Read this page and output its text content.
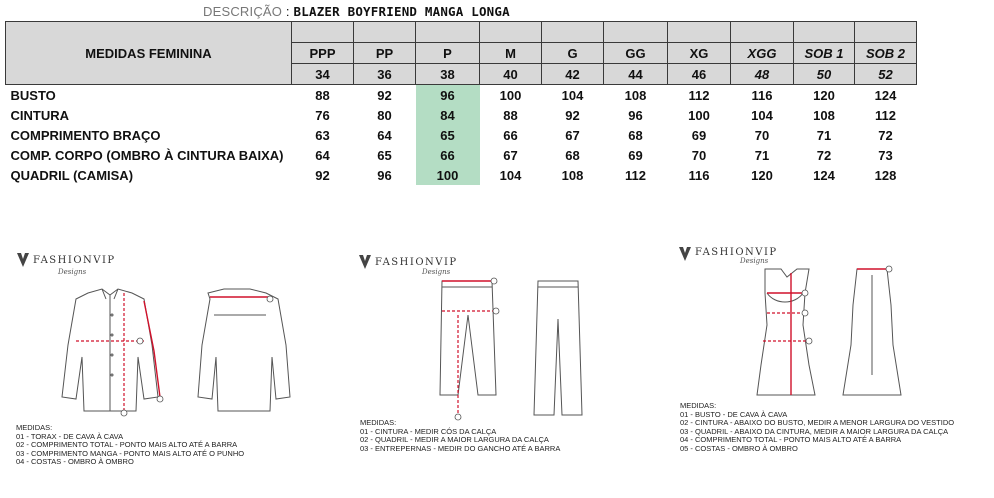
DESCRIÇÃO : BLAZER BOYFRIEND MANGA LONGA
MEDIDAS FEMININA										
	PPP	PP	P	M	G	GG	XG	XGG	SOB 1	SOB 2
	34	36	38	40	42	44	46	48	50	52
BUSTO	88	92	96	100	104	108	112	116	120	124
CINTURA	76	80	84	88	92	96	100	104	108	112
COMPRIMENTO BRAÇO	63	64	65	66	67	68	69	70	71	72
COMP. CORPO (OMBRO À CINTURA BAIXA)	64	65	66	67	68	69	70	71	72	73
QUADRIL (CAMISA)	92	96	100	104	108	112	116	120	124	128
FASHIONVIP
Designs
MEDIDAS:
01 - TORAX - DE CAVA À CAVA
02 - COMPRIMENTO TOTAL - PONTO MAIS ALTO ATÉ A BARRA
03 - COMPRIMENTO MANGA - PONTO MAIS ALTO ATÉ O PUNHO
04 - COSTAS - OMBRO À OMBRO
FASHIONVIP
Designs
MEDIDAS:
01 - CINTURA - MEDIR CÓS DA CALÇA
02 - QUADRIL - MEDIR A MAIOR LARGURA DA CALÇA
03 - ENTREPERNAS - MEDIR DO GANCHO ATÉ A BARRA
FASHIONVIP
Designs
MEDIDAS:
01 - BUSTO - DE CAVA À CAVA
02 - CINTURA - ABAIXO DO BUSTO, MEDIR A MENOR LARGURA DO VESTIDO
03 - QUADRIL - ABAIXO DA CINTURA, MEDIR A MAIOR LARGURA DA CALÇA
04 - COMPRIMENTO TOTAL - PONTO MAIS ALTO ATÉ A BARRA
05 - COSTAS - OMBRO À OMBRO
